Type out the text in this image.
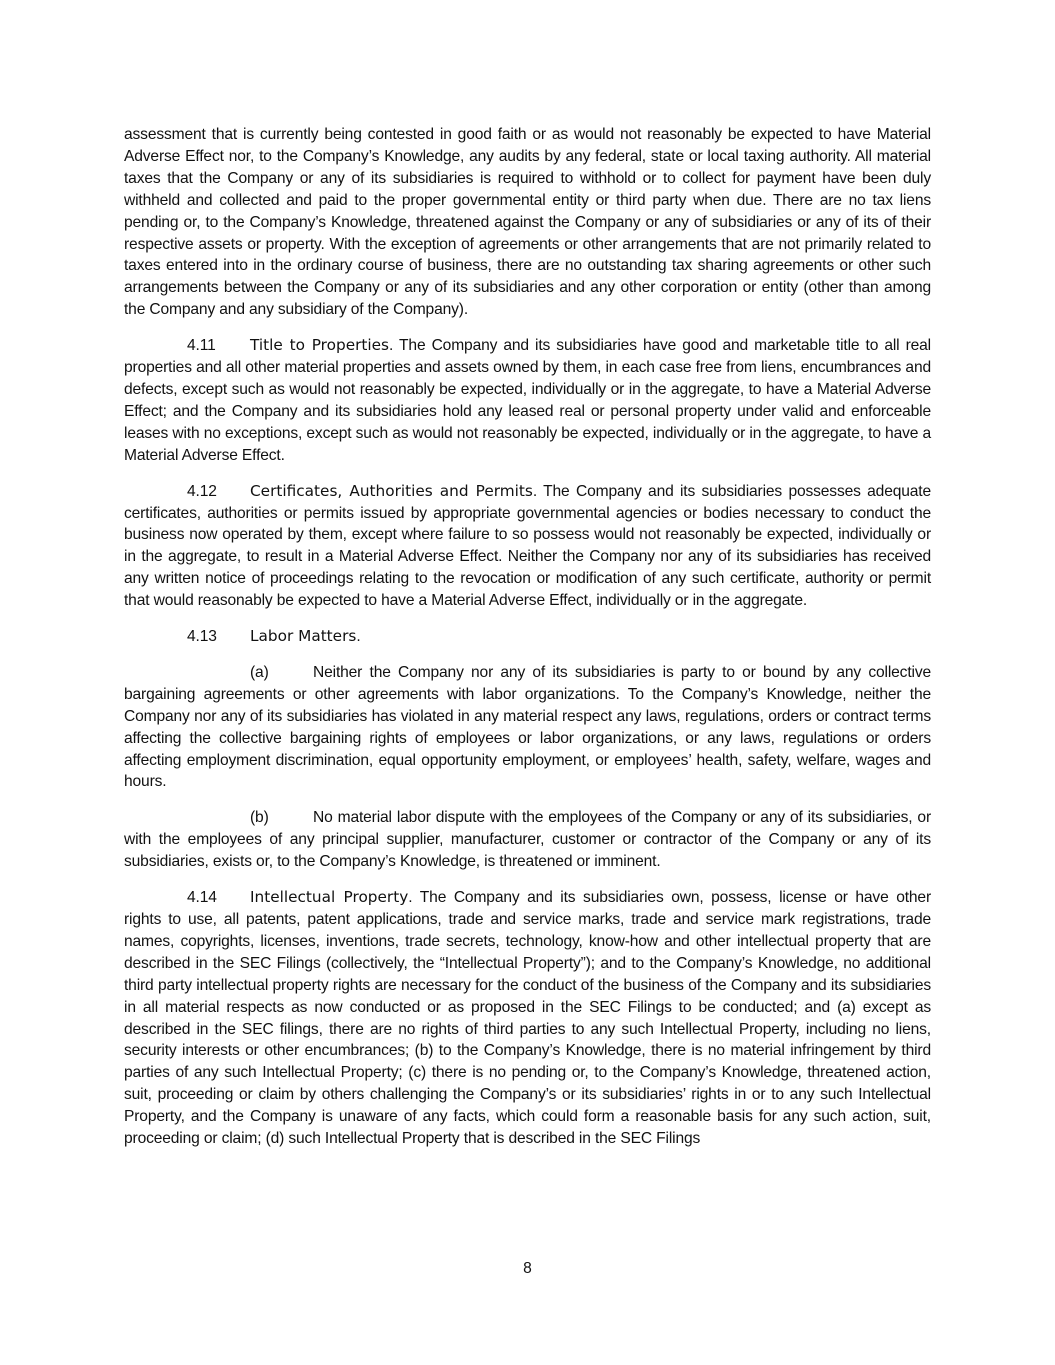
assessment that is currently being contested in good faith or as would not reasonably be expected to have Material Adverse Effect nor, to the Company’s Knowledge, any audits by any federal, state or local taxing authority. All material taxes that the Company or any of its subsidiaries is required to withhold or to collect for payment have been duly withheld and collected and paid to the proper governmental entity or third party when due. There are no tax liens pending or, to the Company’s Knowledge, threatened against the Company or any of subsidiaries or any of its of their respective assets or property. With the exception of agreements or other arrangements that are not primarily related to taxes entered into in the ordinary course of business, there are no outstanding tax sharing agreements or other such arrangements between the Company or any of its subsidiaries and any other corporation or entity (other than among the Company and any subsidiary of the Company).

4.11 Title to Properties. The Company and its subsidiaries have good and marketable title to all real properties and all other material properties and assets owned by them, in each case free from liens, encumbrances and defects, except such as would not reasonably be expected, individually or in the aggregate, to have a Material Adverse Effect; and the Company and its subsidiaries hold any leased real or personal property under valid and enforceable leases with no exceptions, except such as would not reasonably be expected, individually or in the aggregate, to have a Material Adverse Effect.

4.12 Certificates, Authorities and Permits. The Company and its subsidiaries possesses adequate certificates, authorities or permits issued by appropriate governmental agencies or bodies necessary to conduct the business now operated by them, except where failure to so possess would not reasonably be expected, individually or in the aggregate, to result in a Material Adverse Effect. Neither the Company nor any of its subsidiaries has received any written notice of proceedings relating to the revocation or modification of any such certificate, authority or permit that would reasonably be expected to have a Material Adverse Effect, individually or in the aggregate.

4.13 Labor Matters.

(a)	Neither the Company nor any of its subsidiaries is party to or bound by any collective bargaining agreements or other agreements with labor organizations. To the Company’s Knowledge, neither the Company nor any of its subsidiaries has violated in any material respect any laws, regulations, orders or contract terms affecting the collective bargaining rights of employees or labor organizations, or any laws, regulations or orders affecting employment discrimination, equal opportunity employment, or employees’ health, safety, welfare, wages and hours.

(b)	No material labor dispute with the employees of the Company or any of its subsidiaries, or with the employees of any principal supplier, manufacturer, customer or contractor of the Company or any of its subsidiaries, exists or, to the Company’s Knowledge, is threatened or imminent.

4.14 Intellectual Property. The Company and its subsidiaries own, possess, license or have other rights to use, all patents, patent applications, trade and service marks, trade and service mark registrations, trade names, copyrights, licenses, inventions, trade secrets, technology, know-how and other intellectual property that are described in the SEC Filings (collectively, the “Intellectual Property”); and to the Company’s Knowledge, no additional third party intellectual property rights are necessary for the conduct of the business of the Company and its subsidiaries in all material respects as now conducted or as proposed in the SEC Filings to be conducted; and (a) except as described in the SEC filings, there are no rights of third parties to any such Intellectual Property, including no liens, security interests or other encumbrances; (b) to the Company’s Knowledge, there is no material infringement by third parties of any such Intellectual Property; (c) there is no pending or, to the Company’s Knowledge, threatened action, suit, proceeding or claim by others challenging the Company’s or its subsidiaries’ rights in or to any such Intellectual Property, and the Company is unaware of any facts, which could form a reasonable basis for any such action, suit, proceeding or claim; (d) such Intellectual Property that is described in the SEC Filings

8
